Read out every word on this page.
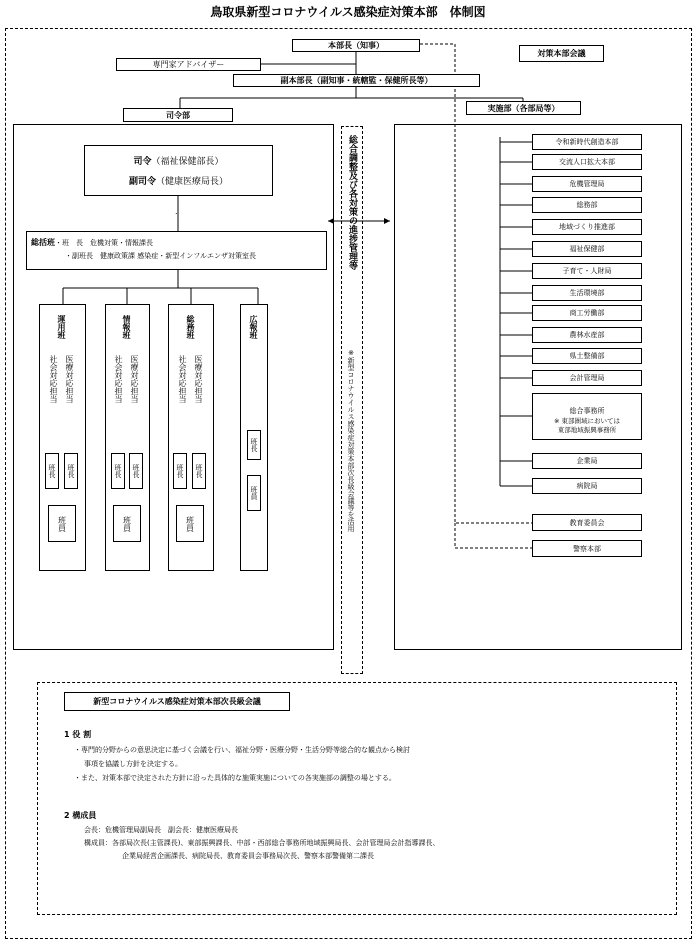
鳥取県新型コロナウイルス感染症対策本部　体制図
.
本部長（知事）
専門家アドバイザー
副本部長（副知事・統轄監・保健所長等）
対策本部会議
司令部
実施部（各部局等）
司令（福祉保健部長）
副司令（健康医療局長）
総括班・班　長　危機対策・情報課長
・副班長　健康政策課 感染症・新型インフルエンザ対策室長
運用班
医療対応担当
社会対応担当
班長	班長
班員
情報班
医療対応担当
社会対応担当
班長	班長
班員
総務班
医療対応担当
社会対応担当
班長	班長
班員
広報班
班長
班員
総合調整及び各対策の進捗管理等
※新型コロナウイルス感染症対策本部次長級会議等を活用
令和新時代創造本部
交流人口拡大本部
危機管理局
総務部
地域づくり推進部
福祉保健部
子育て・人財局
生活環境部
商工労働部
農林水産部
県土整備部
会計管理局
総合事務所
※ 東部圏域においては
東部地域振興事務所
企業局
病院局
教育委員会
警察本部
新型コロナウイルス感染症対策本部次長級会議
1 役 割
・専門的分野からの意思決定に基づく会議を行い、福祉分野・医療分野・生活分野等総合的な観点から検討
事項を協議し方針を決定する。
・また、対策本部で決定された方針に沿った具体的な施策実施についての各実施部の調整の場とする。
2 構成員
会長：危機管理局副局長　副会長：健康医療局長
構成員：各部局次長(主管課長)、東部振興課長、中部・西部総合事務所地域振興局長、会計管理局会計指導課長、
企業局経営企画課長、病院局長、教育委員会事務局次長、警察本部警備第二課長
